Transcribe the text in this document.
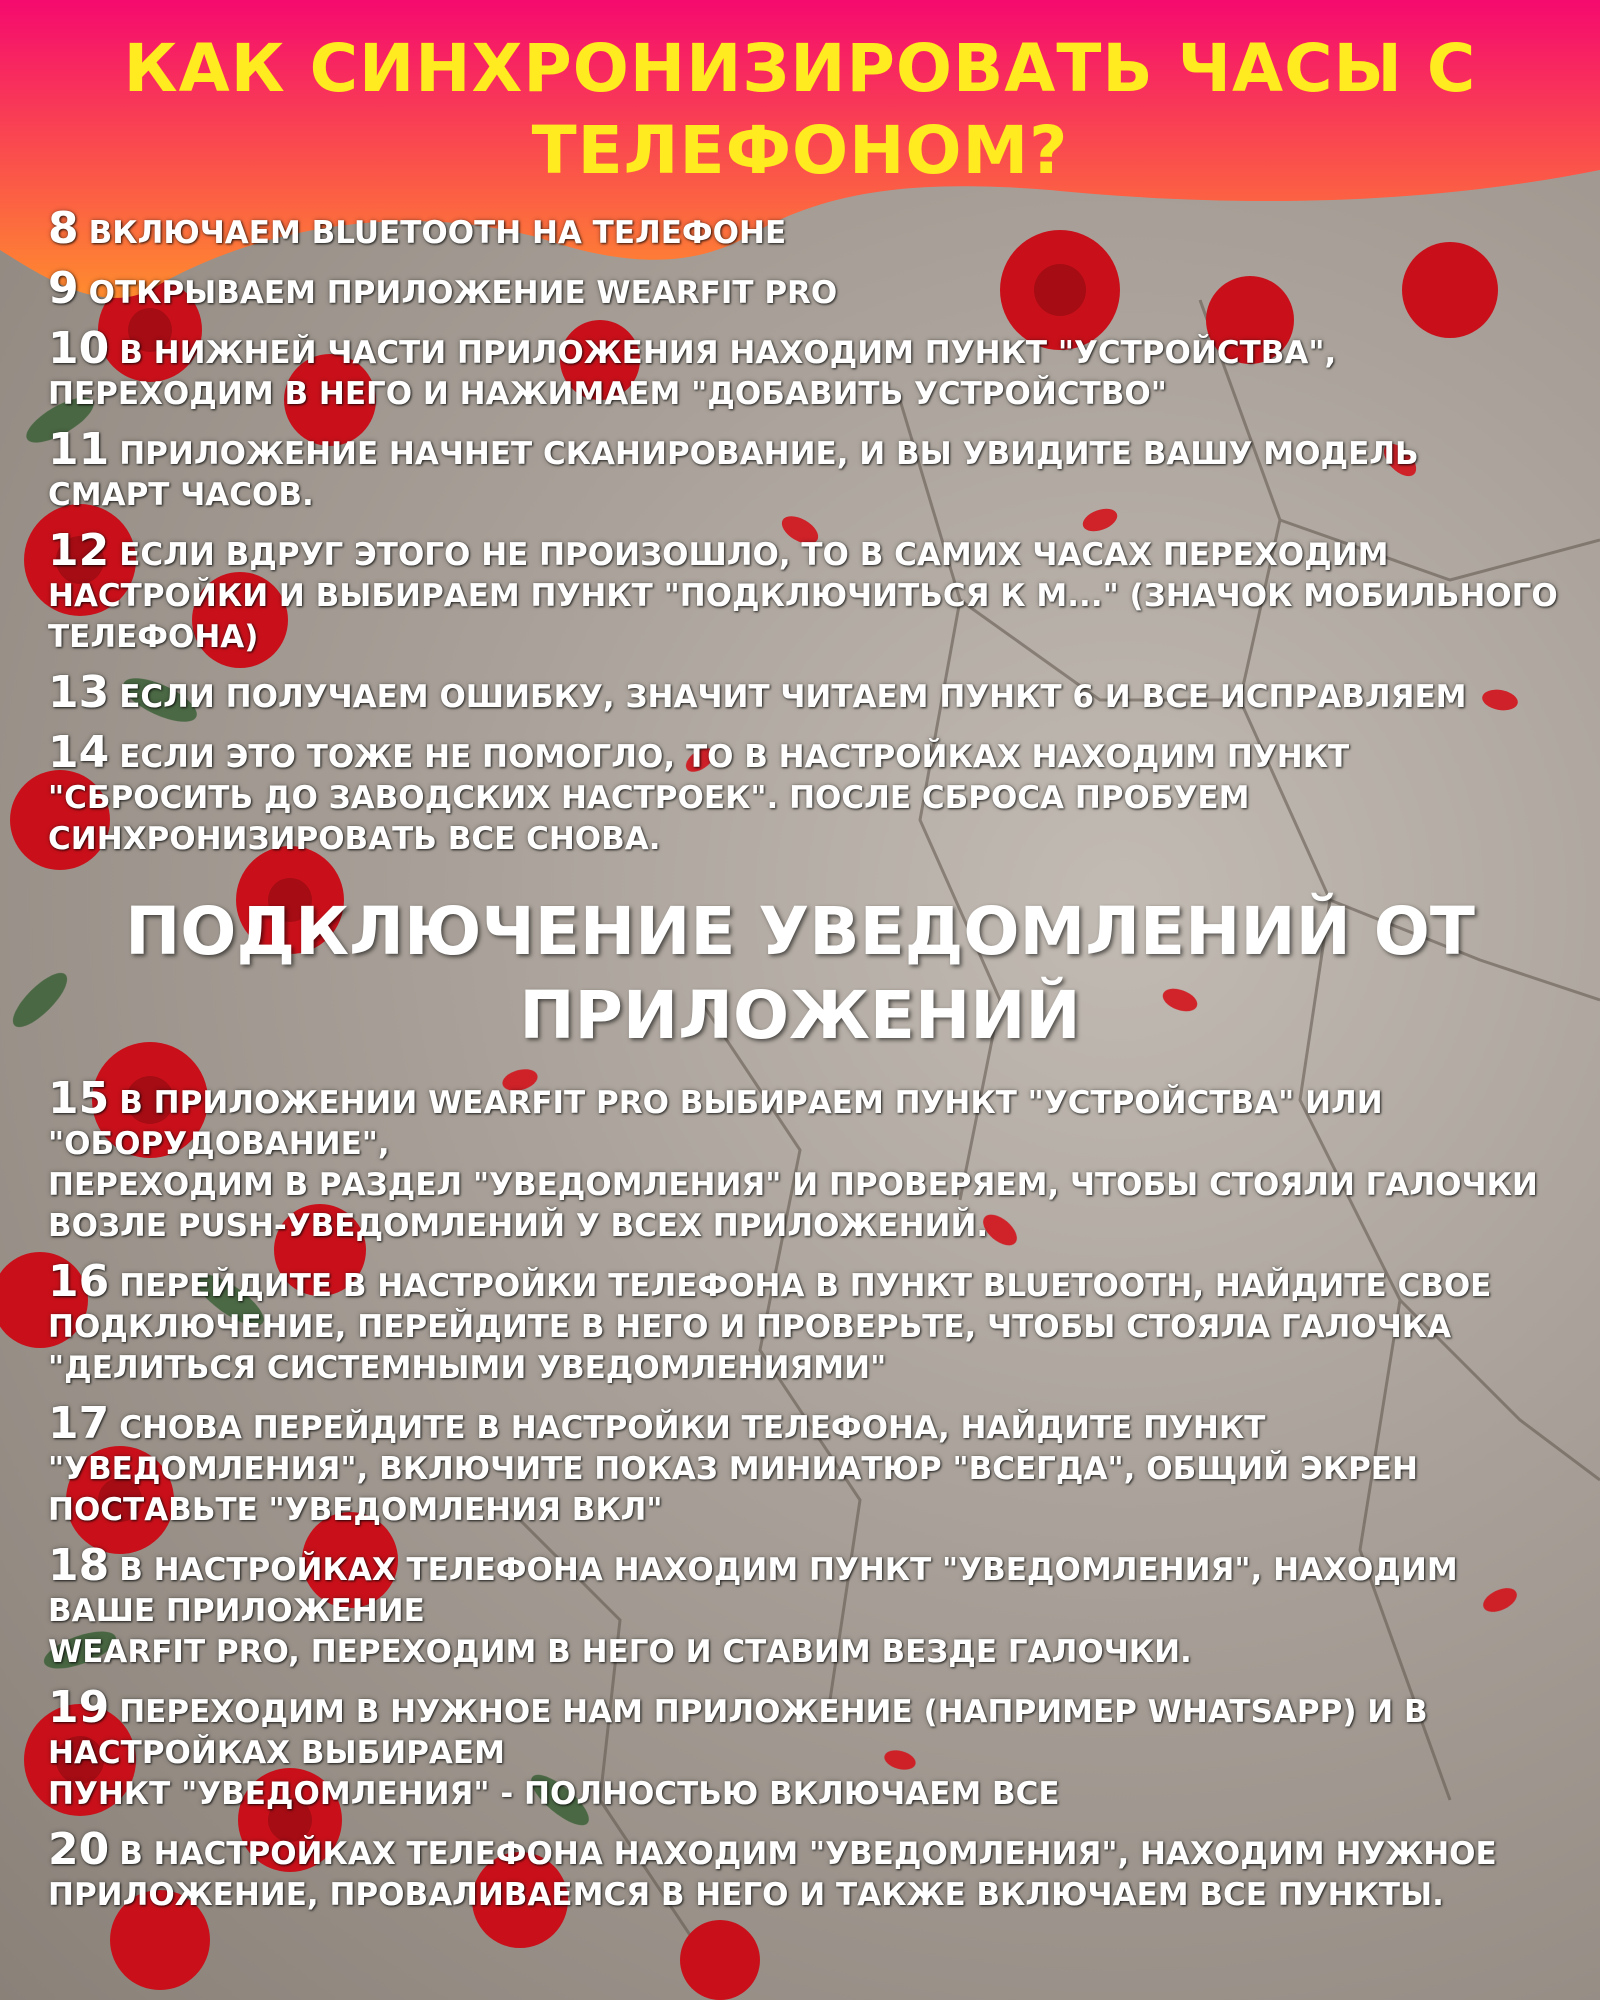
КАК СИНХРОНИЗИРОВАТЬ ЧАСЫ С
ТЕЛЕФОНОМ?
8 ВКЛЮЧАЕМ BLUETOOTH НА ТЕЛЕФОНЕ
9 ОТКРЫВАЕМ ПРИЛОЖЕНИЕ WEARFIT PRO
10 В НИЖНЕЙ ЧАСТИ ПРИЛОЖЕНИЯ НАХОДИМ ПУНКТ "УСТРОЙСТВА",
ПЕРЕХОДИМ В НЕГО И НАЖИМАЕМ "ДОБАВИТЬ УСТРОЙСТВО"
11 ПРИЛОЖЕНИЕ НАЧНЕТ СКАНИРОВАНИЕ, И ВЫ УВИДИТЕ ВАШУ МОДЕЛЬ
СМАРТ ЧАСОВ.
12 ЕСЛИ ВДРУГ ЭТОГО НЕ ПРОИЗОШЛО, ТО В САМИХ ЧАСАХ ПЕРЕХОДИМ
НАСТРОЙКИ И ВЫБИРАЕМ ПУНКТ "ПОДКЛЮЧИТЬСЯ К М..." (ЗНАЧОК МОБИЛЬНОГО
ТЕЛЕФОНА)
13 ЕСЛИ ПОЛУЧАЕМ ОШИБКУ, ЗНАЧИТ ЧИТАЕМ ПУНКТ 6 И ВСЕ ИСПРАВЛЯЕМ
14 ЕСЛИ ЭТО ТОЖЕ НЕ ПОМОГЛО, ТО В НАСТРОЙКАХ НАХОДИМ ПУНКТ
"СБРОСИТЬ ДО ЗАВОДСКИХ НАСТРОЕК". ПОСЛЕ СБРОСА ПРОБУЕМ
СИНХРОНИЗИРОВАТЬ ВСЕ СНОВА.
ПОДКЛЮЧЕНИЕ УВЕДОМЛЕНИЙ ОТ
ПРИЛОЖЕНИЙ
15 В ПРИЛОЖЕНИИ WEARFIT PRO ВЫБИРАЕМ ПУНКТ "УСТРОЙСТВА" ИЛИ
"ОБОРУДОВАНИЕ",
ПЕРЕХОДИМ В РАЗДЕЛ "УВЕДОМЛЕНИЯ" И ПРОВЕРЯЕМ, ЧТОБЫ СТОЯЛИ ГАЛОЧКИ
ВОЗЛЕ PUSH-УВЕДОМЛЕНИЙ У ВСЕХ ПРИЛОЖЕНИЙ.
16 ПЕРЕЙДИТЕ В НАСТРОЙКИ ТЕЛЕФОНА В ПУНКТ BLUETOOTH, НАЙДИТЕ СВОЕ
ПОДКЛЮЧЕНИЕ, ПЕРЕЙДИТЕ В НЕГО И ПРОВЕРЬТЕ, ЧТОБЫ СТОЯЛА ГАЛОЧКА
"ДЕЛИТЬСЯ СИСТЕМНЫМИ УВЕДОМЛЕНИЯМИ"
17 СНОВА ПЕРЕЙДИТЕ В НАСТРОЙКИ ТЕЛЕФОНА, НАЙДИТЕ ПУНКТ
"УВЕДОМЛЕНИЯ", ВКЛЮЧИТЕ ПОКАЗ МИНИАТЮР "ВСЕГДА", ОБЩИЙ ЭКРЕН
ПОСТАВЬТЕ "УВЕДОМЛЕНИЯ ВКЛ"
18 В НАСТРОЙКАХ ТЕЛЕФОНА НАХОДИМ ПУНКТ "УВЕДОМЛЕНИЯ", НАХОДИМ
ВАШЕ ПРИЛОЖЕНИЕ
WEARFIT PRO, ПЕРЕХОДИМ В НЕГО И СТАВИМ ВЕЗДЕ ГАЛОЧКИ.
19 ПЕРЕХОДИМ В НУЖНОЕ НАМ ПРИЛОЖЕНИЕ (НАПРИМЕР WHATSAPP) И В
НАСТРОЙКАХ ВЫБИРАЕМ
ПУНКТ "УВЕДОМЛЕНИЯ" - ПОЛНОСТЬЮ ВКЛЮЧАЕМ ВСЕ
20 В НАСТРОЙКАХ ТЕЛЕФОНА НАХОДИМ "УВЕДОМЛЕНИЯ", НАХОДИМ НУЖНОЕ
ПРИЛОЖЕНИЕ, ПРОВАЛИВАЕМСЯ В НЕГО И ТАКЖЕ ВКЛЮЧАЕМ ВСЕ ПУНКТЫ.
